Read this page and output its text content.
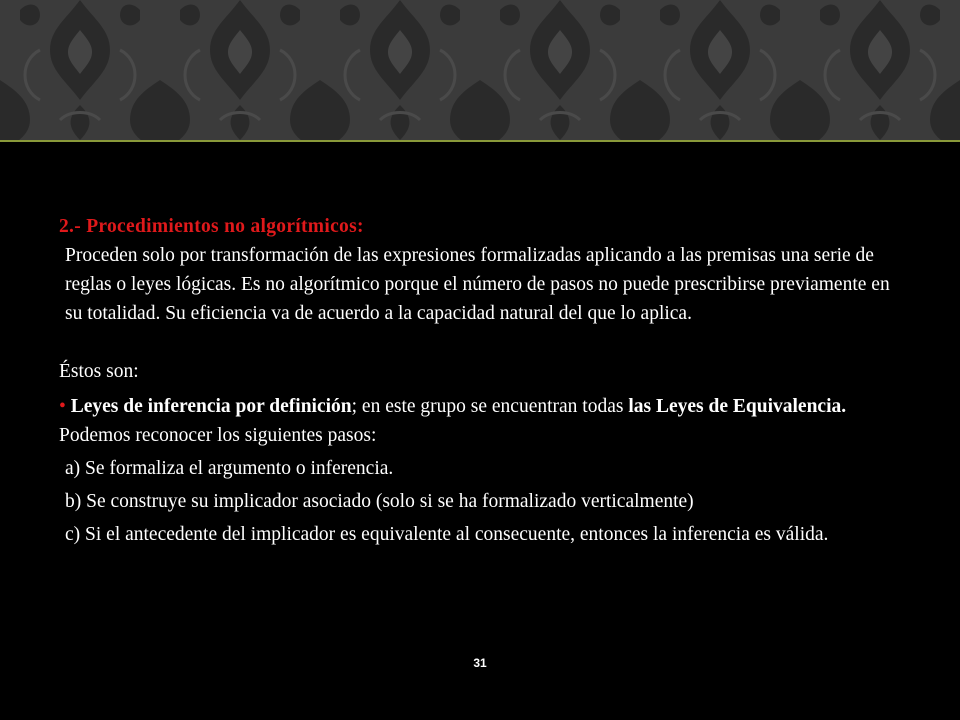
2.- Procedimientos no algorítmicos:

Proceden solo por transformación de las expresiones formalizadas aplicando a las premisas una serie de reglas o leyes lógicas. Es no algorítmico porque el número de pasos no puede prescribirse previamente en su totalidad. Su eficiencia va de acuerdo a la capacidad natural del que lo aplica.

Éstos son:

• Leyes de inferencia por definición; en este grupo se encuentran todas las Leyes de Equivalencia. Podemos reconocer los siguientes pasos:

a) Se formaliza el argumento o inferencia.

b) Se construye su implicador asociado (solo si se ha formalizado verticalmente)

c) Si el antecedente del implicador es equivalente al consecuente, entonces la inferencia es válida.

31
